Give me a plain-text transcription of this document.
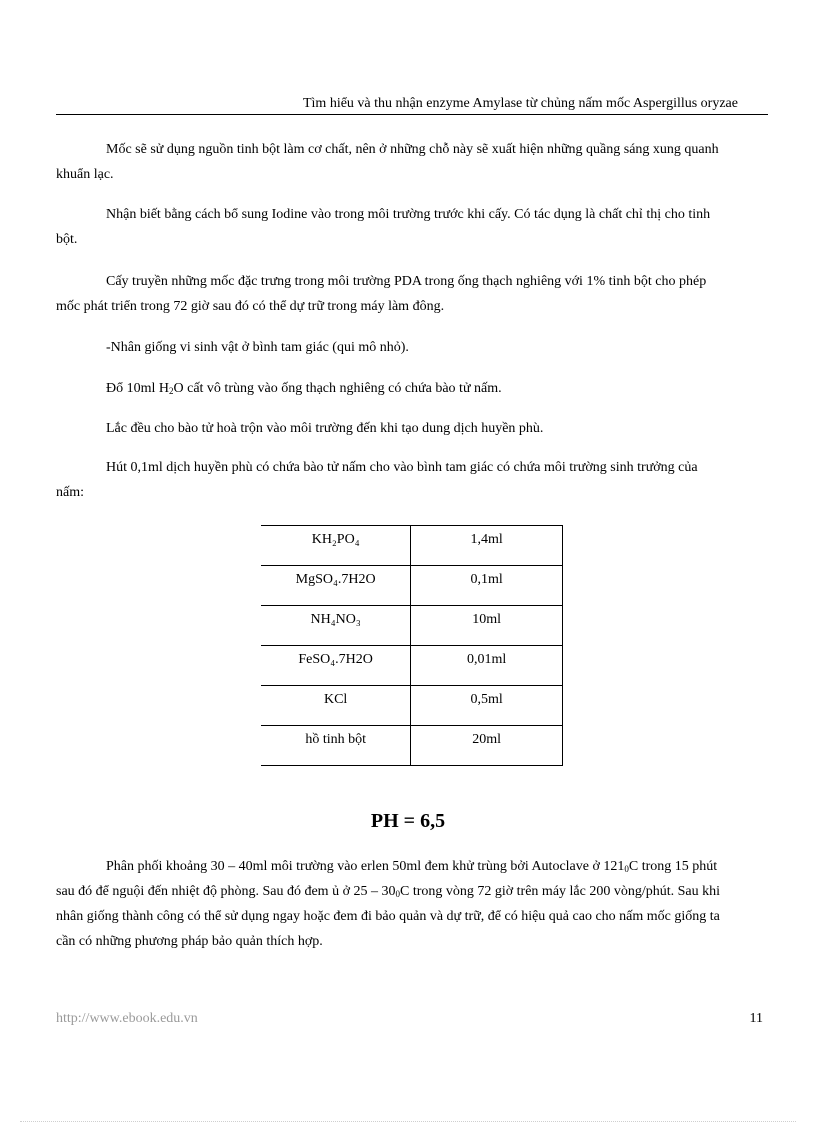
Tìm hiểu và thu nhận enzyme Amylase từ chủng nấm mốc Aspergillus oryzae

Mốc sẽ sử dụng nguồn tinh bột làm cơ chất, nên ở những chỗ này sẽ xuất hiện những quầng sáng xung quanh khuẩn lạc.

Nhận biết bằng cách bổ sung Iodine vào trong môi trường trước khi cấy. Có tác dụng là chất chỉ thị cho tinh bột.

Cấy truyền những mốc đặc trưng trong môi trường PDA trong ống thạch nghiêng với 1% tinh bột cho phép mốc phát triển trong 72 giờ sau đó có thể dự trữ trong máy làm đông.

-Nhân giống vi sinh vật ở bình tam giác (qui mô nhỏ).

Đổ 10ml $H_2O$ cất vô trùng vào ống thạch nghiêng có chứa bào tử nấm.

Lắc đều cho bào tử hoà trộn vào môi trường đến khi tạo dung dịch huyền phù.

Hút 0,1ml dịch huyền phù có chứa bào tử nấm cho vào bình tam giác có chứa môi trường sinh trưởng của nấm:

KH₂PO₄	1,4ml
MgSO₄.7H2O	0,1ml
NH₄NO₃	10ml
FeSO₄.7H2O	0,01ml
KCl	0,5ml
hồ tinh bột	20ml
PH = 6,5

Phân phối khoảng 30 – 40ml môi trường vào erlen 50ml đem khử trùng bởi Autoclave ở $121_0C$ trong 15 phút sau đó để nguội đến nhiệt độ phòng. Sau đó đem ủ ở $25 - 30_0C$ trong vòng 72 giờ trên máy lắc 200 vòng/phút. Sau khi nhân giống thành công có thể sử dụng ngay hoặc đem đi bảo quản và dự trữ, để có hiệu quả cao cho nấm mốc giống ta cần có những phương pháp bảo quản thích hợp.

http://www.ebook.edu.vn	11
